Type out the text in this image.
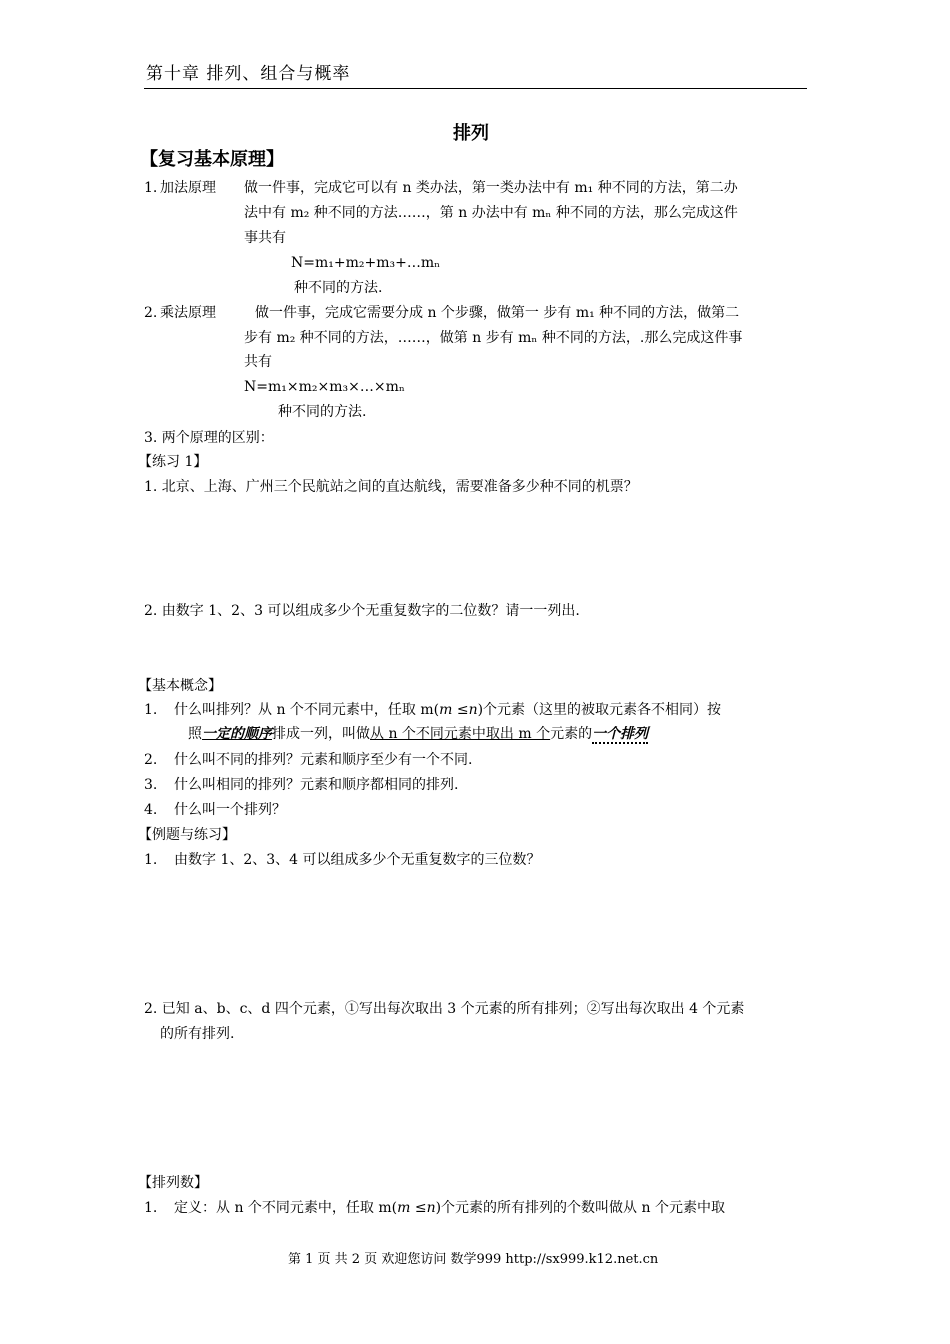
第十章 排列、组合与概率
排列
【复习基本原理】
1. 加法原理 做一件事，完成它可以有 n 类办法，第一类办法中有 m₁ 种不同的方法，第二办
法中有 m₂ 种不同的方法……，第 n 办法中有 mₙ 种不同的方法，那么完成这件
事共有
N=m₁+m₂+m₃+…mₙ
种不同的方法.
2. 乘法原理	做一件事，完成它需要分成 n 个步骤，做第一 步有 m₁ 种不同的方法，做第二
步有 m₂ 种不同的方法，……，做第 n 步有 mₙ 种不同的方法，.那么完成这件事
共有
N=m₁×m₂×m₃×…×mₙ
种不同的方法.
3. 两个原理的区别：
【练习 1】
1. 北京、上海、广州三个民航站之间的直达航线，需要准备多少种不同的机票？
2. 由数字 1、2、3 可以组成多少个无重复数字的二位数？请一一列出.
【基本概念】
1. 什么叫排列？从 n 个不同元素中，任取 m(m ≤n)个元素（这里的被取元素各不相同）按
照一定的顺序排成一列，叫做从 n 个不同元素中取出 m 个元素的一个排列
2. 什么叫不同的排列？元素和顺序至少有一个不同.
3. 什么叫相同的排列？元素和顺序都相同的排列.
4. 什么叫一个排列？
【例题与练习】
1. 由数字 1、2、3、4 可以组成多少个无重复数字的三位数？
2. 已知 a、b、c、d 四个元素，①写出每次取出 3 个元素的所有排列；②写出每次取出 4 个元素
的所有排列.
【排列数】
1. 定义：从 n 个不同元素中，任取 m(m ≤n)个元素的所有排列的个数叫做从 n 个元素中取
第 1 页 共 2 页 欢迎您访问 数学999 http://sx999.k12.net.cn
